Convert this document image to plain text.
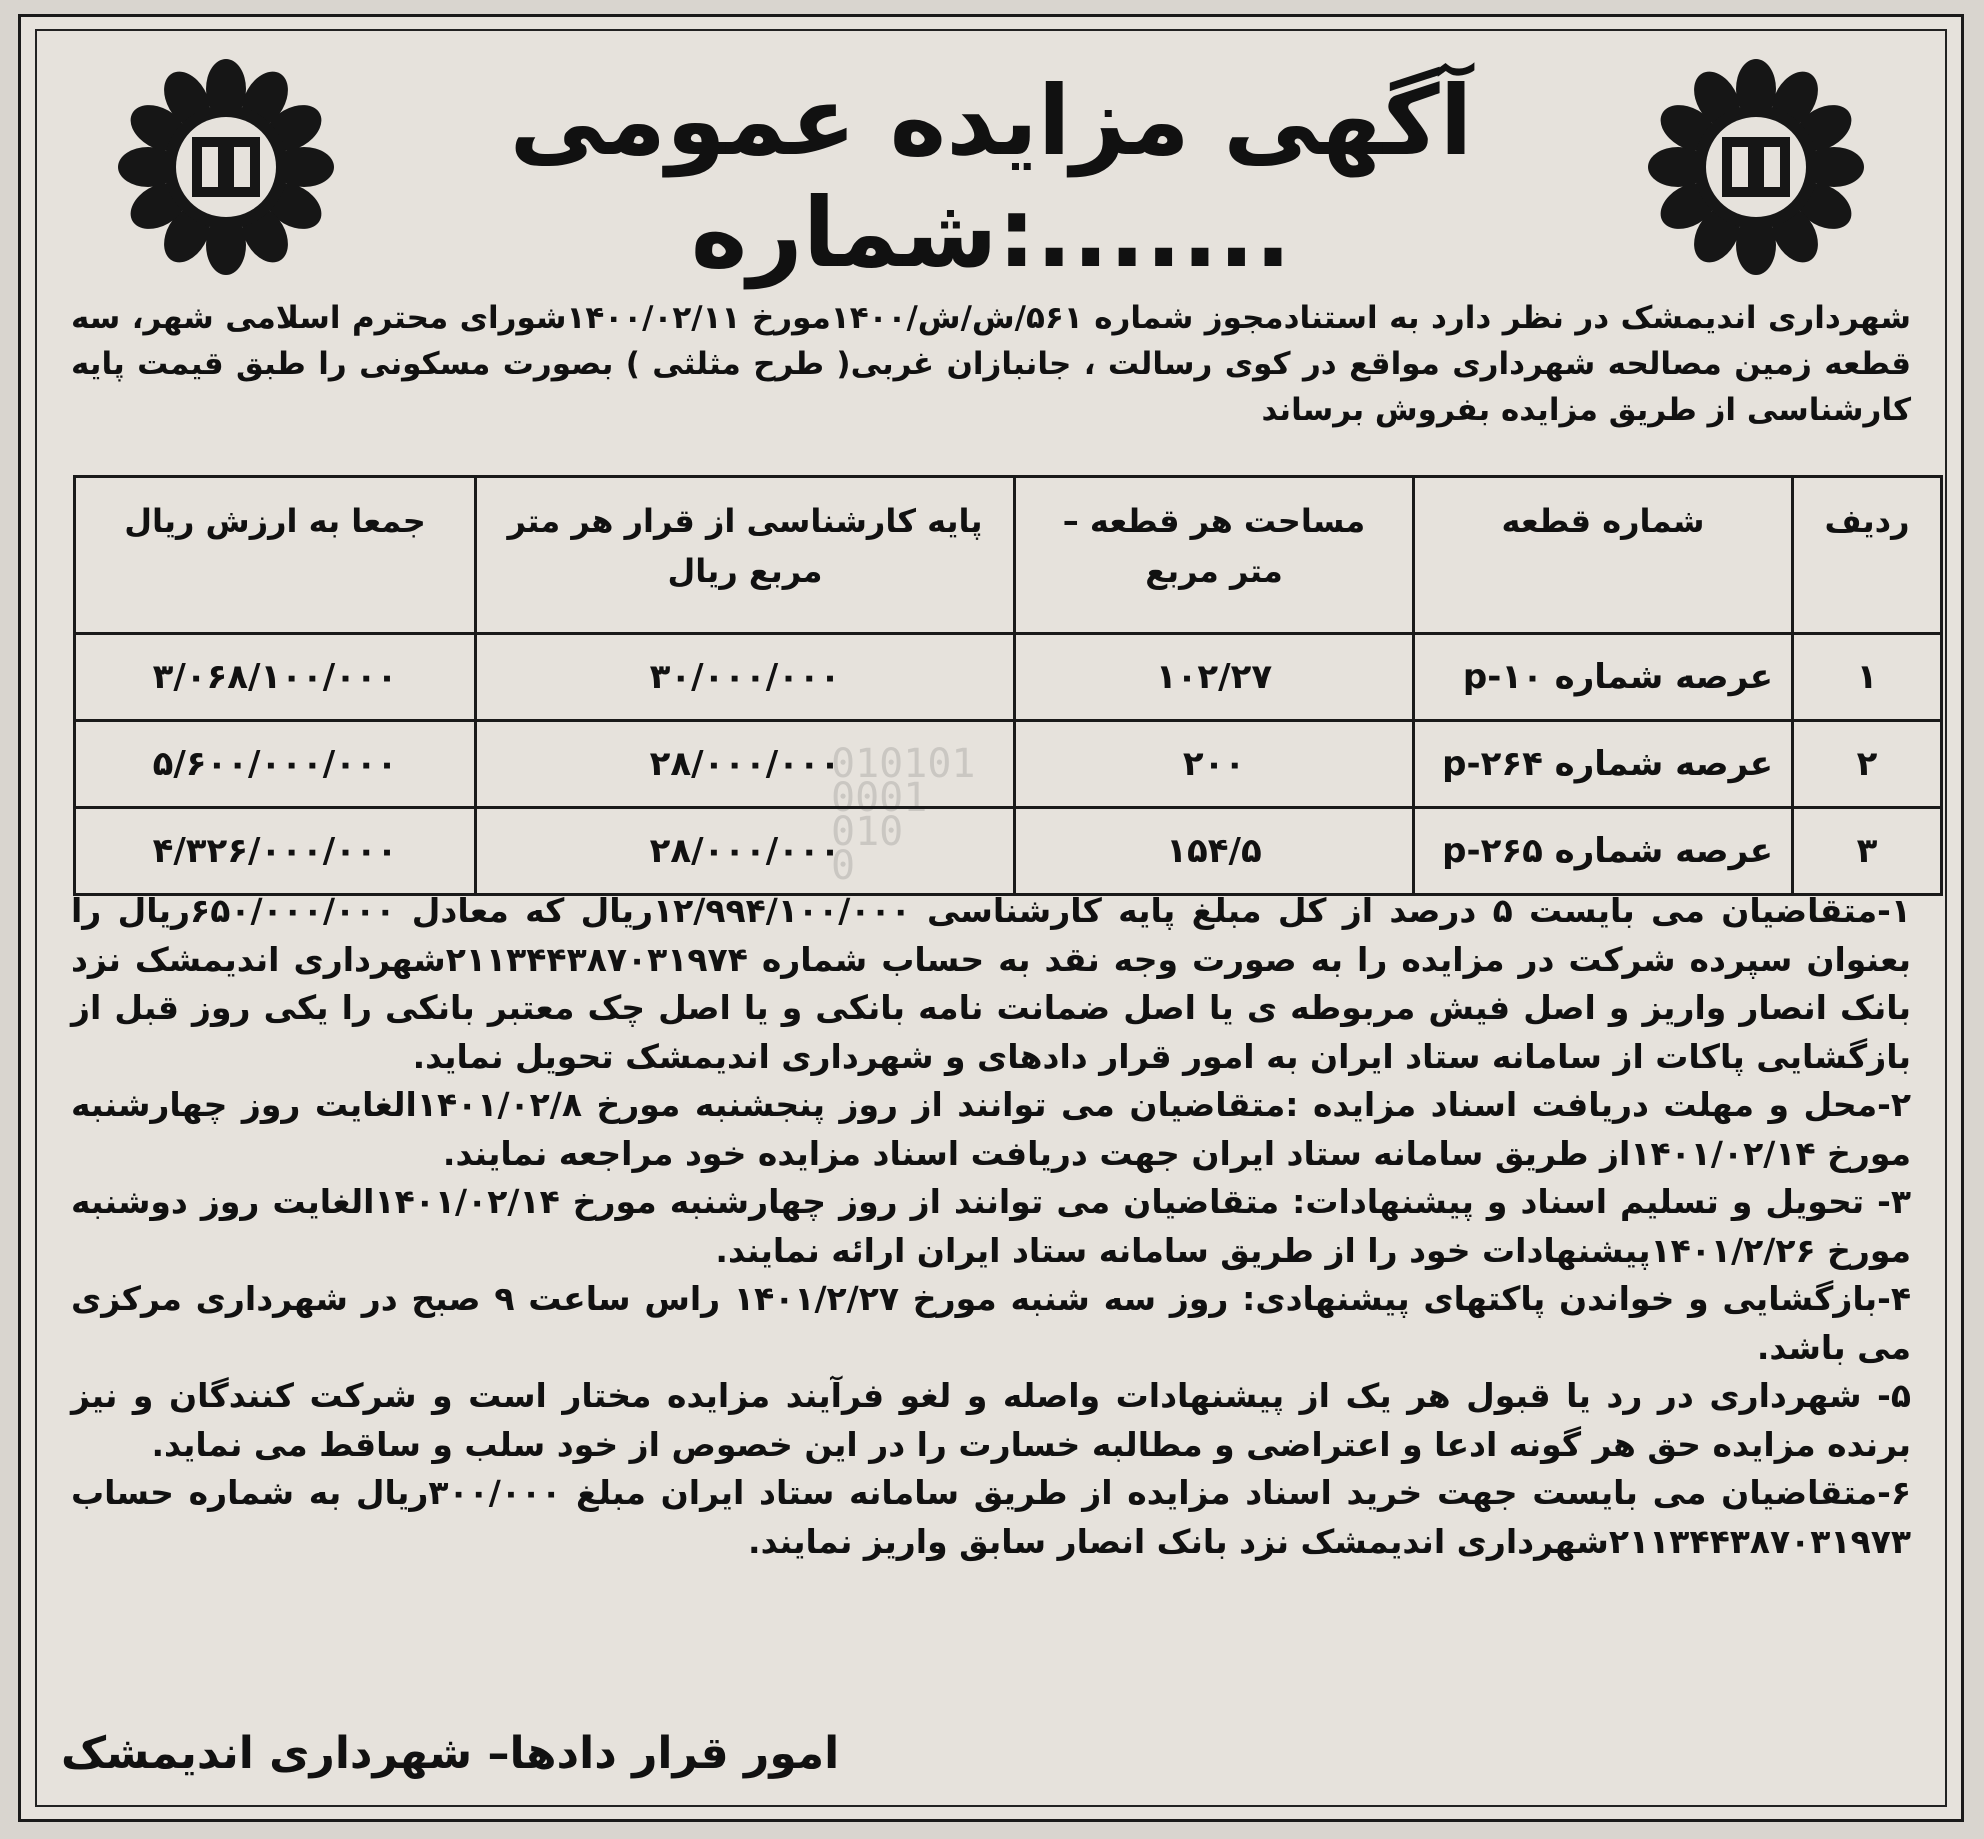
آگهی مزایده عمومی
شماره:.......
شهرداری اندیمشک در نظر دارد به استنادمجوز شماره ۵۶۱/ش/ش/۱۴۰۰مورخ ۱۴۰۰/۰۲/۱۱شورای محترم اسلامی شهر، سه قطعه زمین مصالحه شهرداری مواقع در کوی رسالت ، جانبازان غربی( طرح مثلثی ) بصورت مسکونی را طبق قیمت پایه کارشناسی از طریق مزایده بفروش برساند
010101
0001
010
0
ردیف	شماره قطعه	مساحت هر قطعه – متر مربع	پایه کارشناسی از قرار هر متر مربع ریال	جمعا به ارزش ریال
۱	عرصه شماره ۱۰-p	۱۰۲/۲۷	۳۰/۰۰۰/۰۰۰	۳/۰۶۸/۱۰۰/۰۰۰
۲	عرصه شماره ۲۶۴-p	۲۰۰	۲۸/۰۰۰/۰۰۰	۵/۶۰۰/۰۰۰/۰۰۰
۳	عرصه شماره ۲۶۵-p	۱۵۴/۵	۲۸/۰۰۰/۰۰۰	۴/۳۲۶/۰۰۰/۰۰۰

۱-متقاضیان می بایست ۵ درصد از کل مبلغ پایه کارشناسی ۱۲/۹۹۴/۱۰۰/۰۰۰ریال که معادل ۶۵۰/۰۰۰/۰۰۰ریال را بعنوان سپرده شرکت در مزایده را به صورت وجه نقد به حساب شماره ۲۱۱۳۴۴۳۸۷۰۳۱۹۷۴شهرداری اندیمشک نزد بانک انصار واریز و اصل فیش مربوطه ی یا اصل ضمانت نامه بانکی و یا اصل چک معتبر بانکی را یکی روز قبل از بازگشایی پاکات از سامانه ستاد ایران به امور قرار دادهای و شهرداری اندیمشک تحویل نماید.

۲-محل و مهلت دریافت اسناد مزایده :متقاضیان می توانند از روز پنجشنبه مورخ ۱۴۰۱/۰۲/۸الغایت روز چهارشنبه مورخ ۱۴۰۱/۰۲/۱۴از طریق سامانه ستاد ایران جهت دریافت اسناد مزایده خود مراجعه نمایند.

۳- تحویل و تسلیم اسناد و پیشنهادات: متقاضیان می توانند از روز چهارشنبه مورخ ۱۴۰۱/۰۲/۱۴الغایت روز دوشنبه مورخ ۱۴۰۱/۲/۲۶پیشنهادات خود را از طریق سامانه ستاد ایران ارائه نمایند.

۴-بازگشایی و خواندن پاکتهای پیشنهادی: روز سه شنبه مورخ ۱۴۰۱/۲/۲۷ راس ساعت ۹ صبح در شهرداری مرکزی می باشد.

۵- شهرداری در رد یا قبول هر یک از پیشنهادات واصله و لغو فرآیند مزایده مختار است و شرکت کنندگان و نیز برنده مزایده حق هر گونه ادعا و اعتراضی و مطالبه خسارت را در این خصوص از خود سلب و ساقط می نماید.

۶-متقاضیان می بایست جهت خرید اسناد مزایده از طریق سامانه ستاد ایران مبلغ ۳۰۰/۰۰۰ریال به شماره حساب ۲۱۱۳۴۴۳۸۷۰۳۱۹۷۳شهرداری اندیمشک نزد بانک انصار سابق واریز نمایند.

امور قرار دادها– شهرداری اندیمشک
